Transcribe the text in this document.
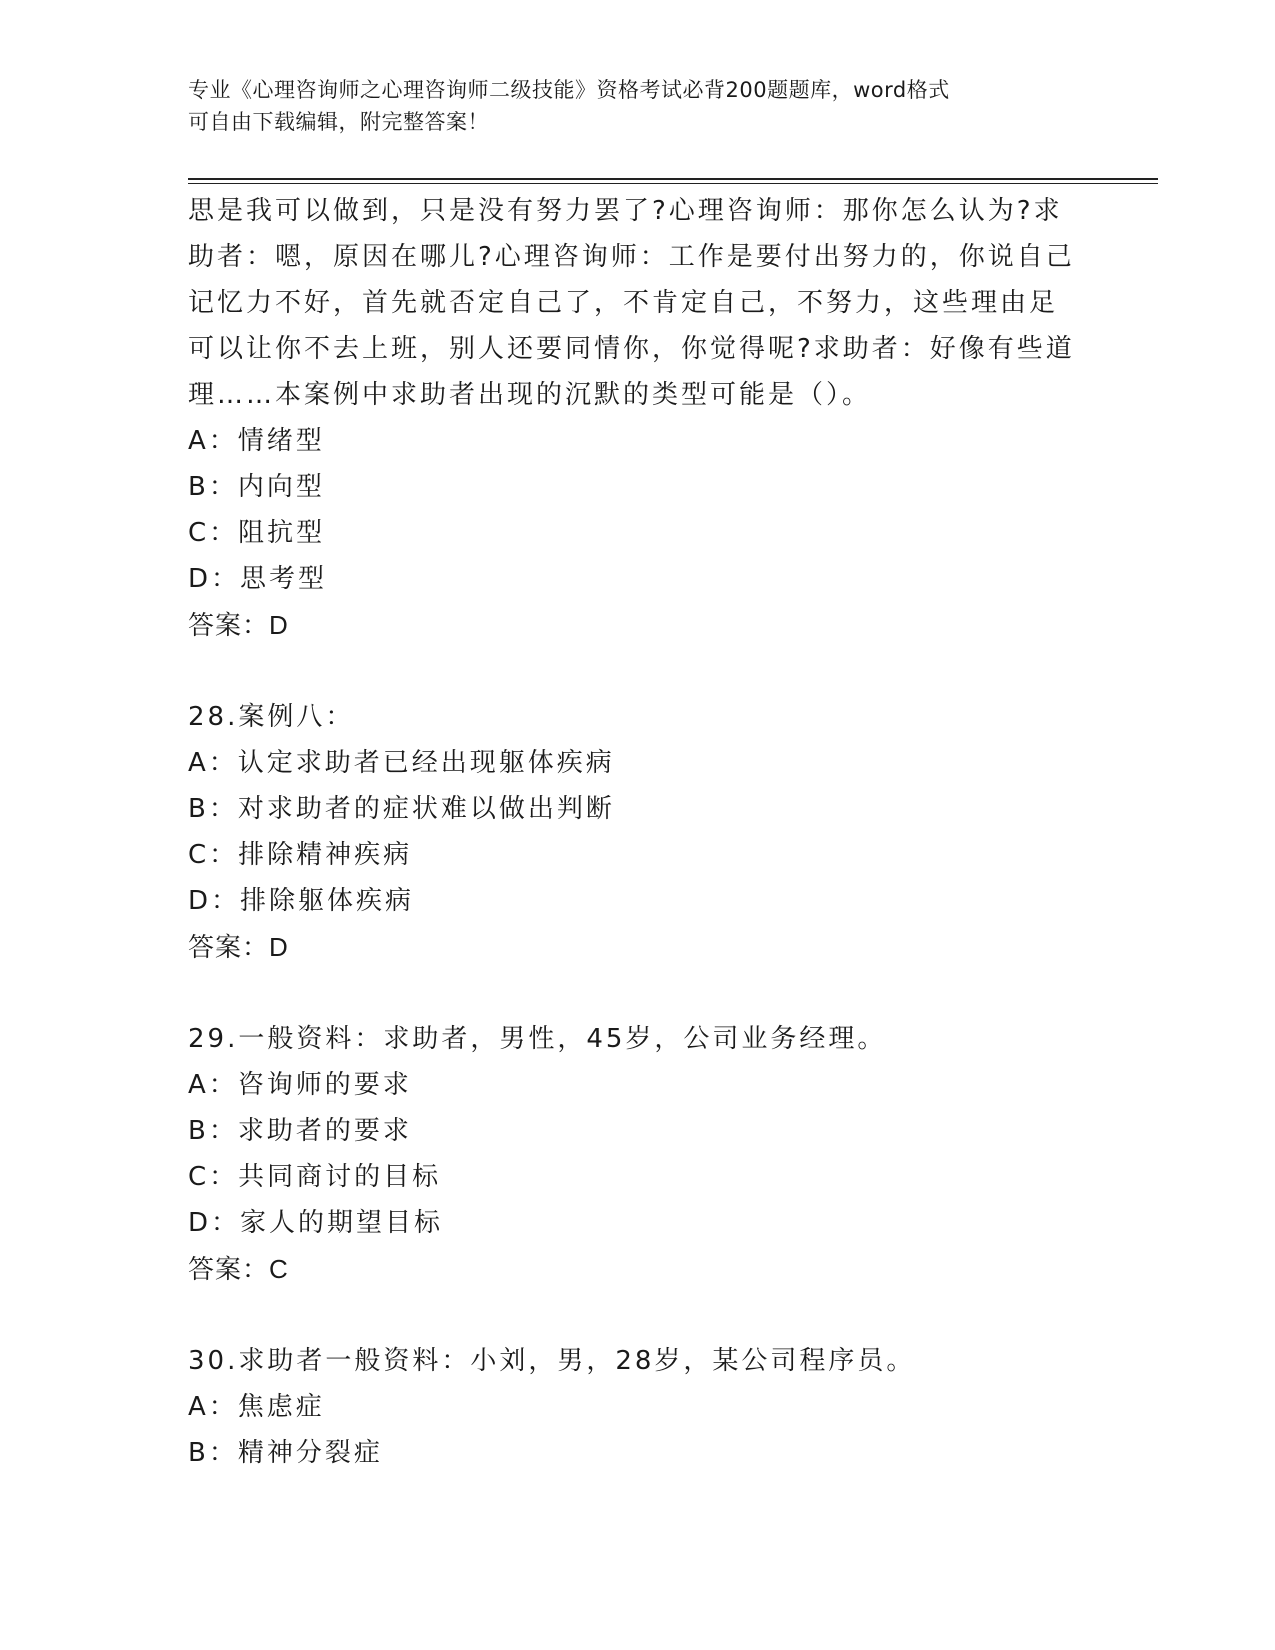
专业《心理咨询师之心理咨询师二级技能》资格考试必背200题题库，word格式
可自由下载编辑，附完整答案！
思是我可以做到，只是没有努力罢了?心理咨询师：那你怎么认为?求
助者：嗯，原因在哪儿?心理咨询师：工作是要付出努力的，你说自己
记忆力不好，首先就否定自己了，不肯定自己，不努力，这些理由足
可以让你不去上班，别人还要同情你，你觉得呢?求助者：好像有些道
理……本案例中求助者出现的沉默的类型可能是（）。
A：情绪型
B：内向型
C：阻抗型
D：思考型
答案：D
28.案例八：
A：认定求助者已经出现躯体疾病
B：对求助者的症状难以做出判断
C：排除精神疾病
D：排除躯体疾病
答案：D
29.一般资料：求助者，男性，45岁，公司业务经理。
A：咨询师的要求
B：求助者的要求
C：共同商讨的目标
D：家人的期望目标
答案：C
30.求助者一般资料：小刘，男，28岁，某公司程序员。
A：焦虑症
B：精神分裂症
